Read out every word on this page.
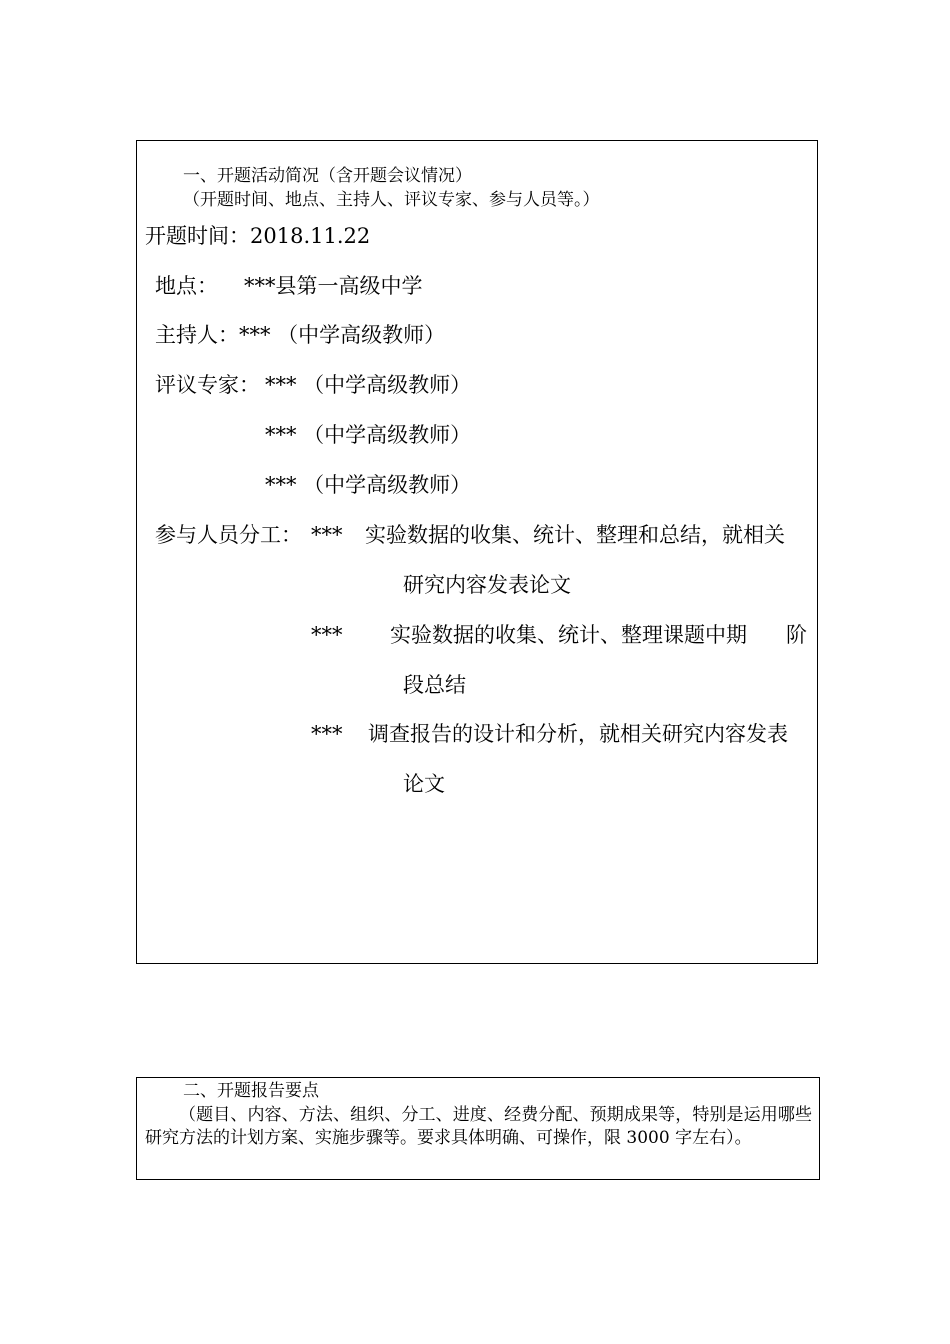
一、开题活动简况（含开题会议情况）
（开题时间、地点、主持人、评议专家、参与人员等。）
开题时间：2018.11.22
地点： ***县第一高级中学
主持人：*** （中学高级教师）
评议专家： *** （中学高级教师）
*** （中学高级教师）
*** （中学高级教师）
参与人员分工： *** 实验数据的收集、统计、整理和总结，就相关
研究内容发表论文
*** 实验数据的收集、统计、整理课题中期 阶
段总结
*** 调查报告的设计和分析，就相关研究内容发表
论文
二、开题报告要点
（题目、内容、方法、组织、分工、进度、经费分配、预期成果等，特别是运用哪些研究方法的计划方案、实施步骤等。要求具体明确、可操作，限 3000 字左右）。
